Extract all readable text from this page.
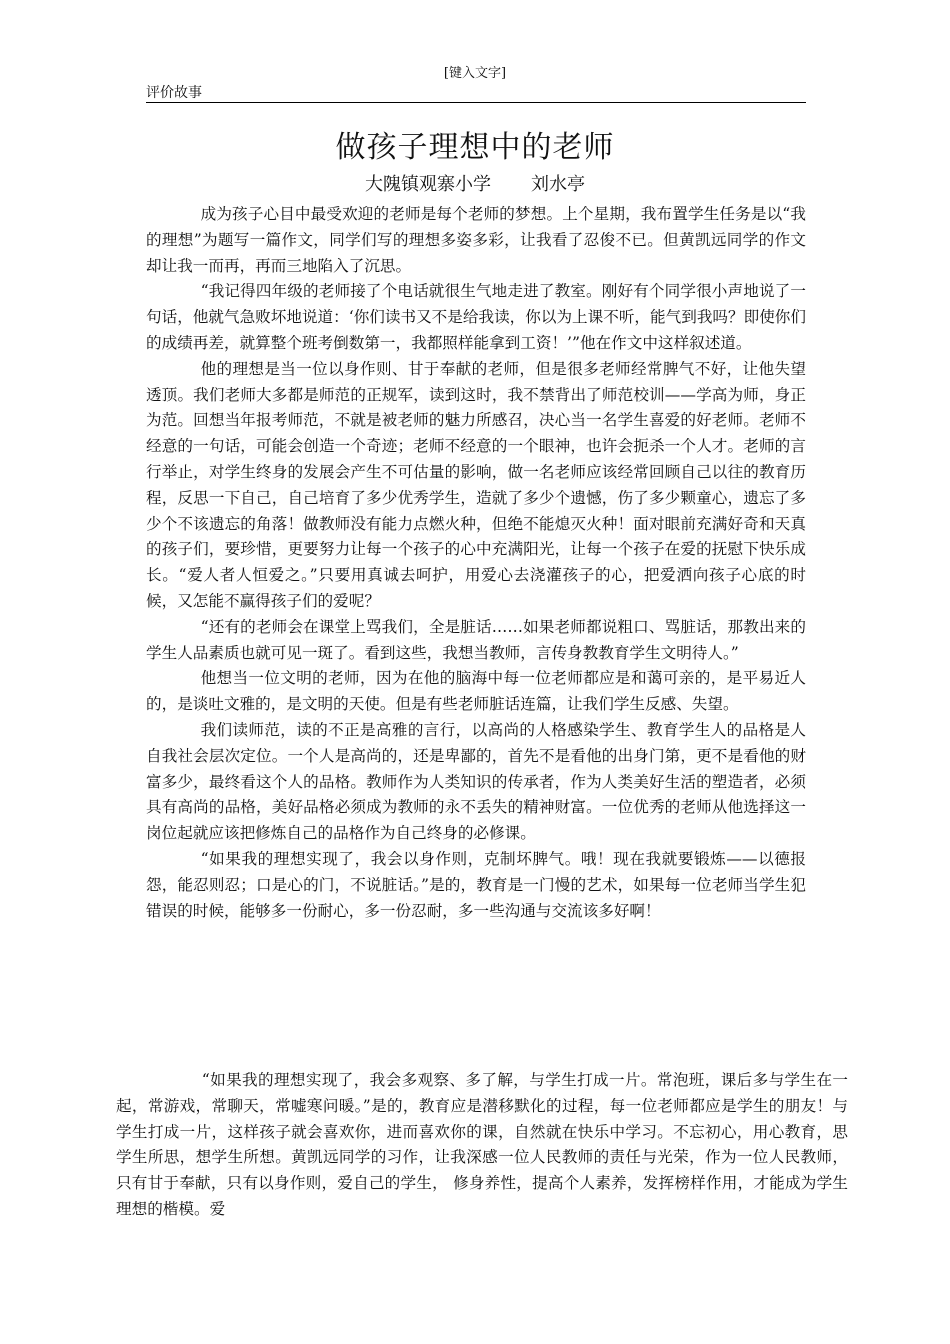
[键入文字]
评价故事
做孩子理想中的老师
大隗镇观寨小学 刘水亭

成为孩子心目中最受欢迎的老师是每个老师的梦想。上个星期，我布置学生任务是以“我的理想”为题写一篇作文，同学们写的理想多姿多彩，让我看了忍俊不已。但黄凯远同学的作文却让我一而再，再而三地陷入了沉思。

“我记得四年级的老师接了个电话就很生气地走进了教室。刚好有个同学很小声地说了一句话，他就气急败坏地说道：‘你们读书又不是给我读，你以为上课不听，能气到我吗？即使你们的成绩再差，就算整个班考倒数第一，我都照样能拿到工资！’”他在作文中这样叙述道。

他的理想是当一位以身作则、甘于奉献的老师，但是很多老师经常脾气不好，让他失望透顶。我们老师大多都是师范的正规军，读到这时，我不禁背出了师范校训——学高为师，身正为范。回想当年报考师范，不就是被老师的魅力所感召，决心当一名学生喜爱的好老师。老师不经意的一句话，可能会创造一个奇迹；老师不经意的一个眼神，也许会扼杀一个人才。老师的言行举止，对学生终身的发展会产生不可估量的影响，做一名老师应该经常回顾自己以往的教育历程，反思一下自己，自己培育了多少优秀学生，造就了多少个遗憾，伤了多少颗童心，遗忘了多少个不该遗忘的角落！做教师没有能力点燃火种，但绝不能熄灭火种！面对眼前充满好奇和天真的孩子们，要珍惜，更要努力让每一个孩子的心中充满阳光，让每一个孩子在爱的抚慰下快乐成长。“爱人者人恒爱之。”只要用真诚去呵护，用爱心去浇灌孩子的心，把爱洒向孩子心底的时候，又怎能不赢得孩子们的爱呢？

“还有的老师会在课堂上骂我们，全是脏话……如果老师都说粗口、骂脏话，那教出来的学生人品素质也就可见一斑了。看到这些，我想当教师，言传身教教育学生文明待人。”

他想当一位文明的老师，因为在他的脑海中每一位老师都应是和蔼可亲的，是平易近人的，是谈吐文雅的，是文明的天使。但是有些老师脏话连篇，让我们学生反感、失望。

我们读师范，读的不正是高雅的言行，以高尚的人格感染学生、教育学生人的品格是人自我社会层次定位。一个人是高尚的，还是卑鄙的，首先不是看他的出身门第，更不是看他的财富多少，最终看这个人的品格。教师作为人类知识的传承者，作为人类美好生活的塑造者，必须具有高尚的品格，美好品格必须成为教师的永不丢失的精神财富。一位优秀的老师从他选择这一岗位起就应该把修炼自己的品格作为自己终身的必修课。

“如果我的理想实现了，我会以身作则，克制坏脾气。哦！现在我就要锻炼——以德报怨，能忍则忍；口是心的门，不说脏话。”是的，教育是一门慢的艺术，如果每一位老师当学生犯错误的时候，能够多一份耐心，多一份忍耐，多一些沟通与交流该多好啊！

“如果我的理想实现了，我会多观察、多了解，与学生打成一片。常泡班，课后多与学生在一起，常游戏，常聊天，常嘘寒问暖。”是的，教育应是潜移默化的过程，每一位老师都应是学生的朋友！与学生打成一片，这样孩子就会喜欢你，进而喜欢你的课，自然就在快乐中学习。不忘初心，用心教育，思学生所思，想学生所想。黄凯远同学的习作，让我深感一位人民教师的责任与光荣，作为一位人民教师，只有甘于奉献，只有以身作则，爱自己的学生， 修身养性，提高个人素养，发挥榜样作用，才能成为学生理想的楷模。爱
